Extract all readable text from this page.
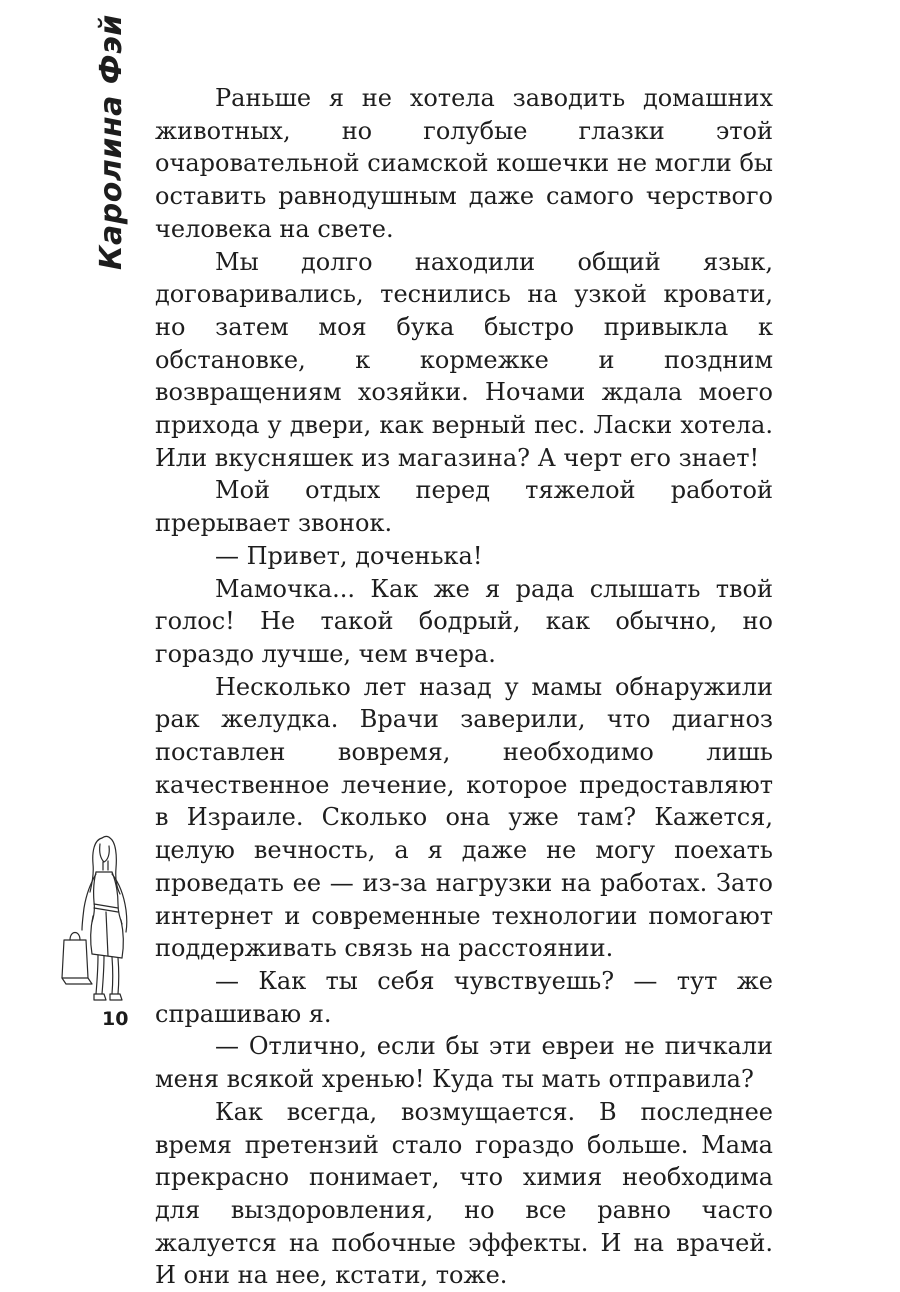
Каролина Фэй	Раньше я не хотела заводить домашних животных, но голубые глазки этой очаровательной сиамской кошечки не могли бы оставить равнодушным даже самого черствого человека на свете.

Мы долго находили общий язык, договаривались, теснились на узкой кровати, но затем моя бука быстро привыкла к обстановке, к кормежке и поздним возвращениям хозяйки. Ночами ждала моего прихода у двери, как верный пес. Ласки хотела. Или вкусняшек из магазина? А черт его знает!

Мой отдых перед тяжелой работой прерывает звонок.

— Привет, доченька!

Мамочка... Как же я рада слышать твой голос! Не такой бодрый, как обычно, но гораздо лучше, чем вчера.

Несколько лет назад у мамы обнаружили рак желудка. Врачи заверили, что диагноз поставлен вовремя, необходимо лишь качественное лечение, которое предоставляют в Израиле. Сколько она уже там? Кажется, целую вечность, а я даже не могу поехать проведать ее — из-за нагрузки на работах. Зато интернет и современные технологии помогают поддерживать связь на расстоянии.

— Как ты себя чувствуешь? — тут же спрашиваю я.

— Отлично, если бы эти евреи не пичкали меня всякой хренью! Куда ты мать отправила?

Как всегда, возмущается. В последнее время претензий стало гораздо больше. Мама прекрасно понимает, что химия необходима для выздоровления, но все равно часто жалуется на побочные эффекты. И на врачей. И они на нее, кстати, тоже.

10
